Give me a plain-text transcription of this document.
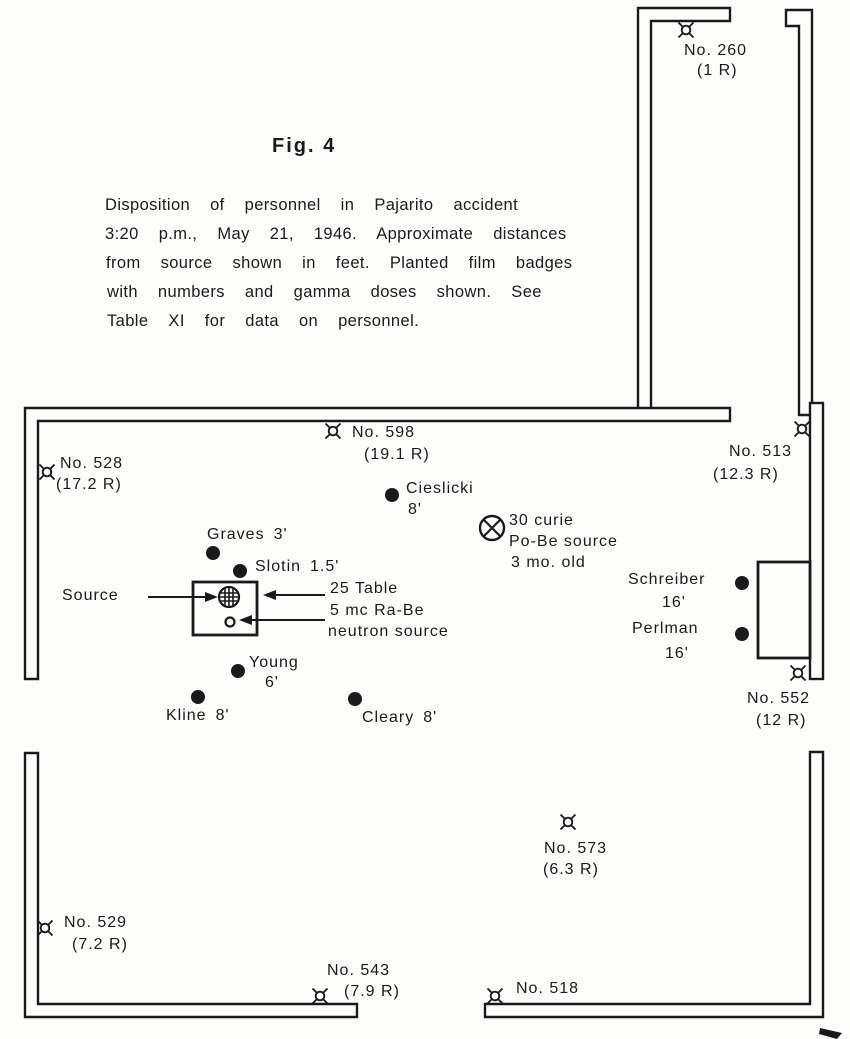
Fig. 4
Disposition of personnel in Pajarito accident
3:20 p.m., May 21, 1946. Approximate distances
from source shown in feet. Planted film badges
with numbers and gamma doses shown. See
Table XI for data on personnel.
No. 260
(1 R)
No. 598
(19.1 R)	No. 513
(12.3 R)
No. 528
(17.2 R)
No. 552
(12 R)
No. 573
(6.3 R)
No. 529
(7.2 R)
No. 543
(7.9 R)	No. 518
Graves 3'
Slotin 1.5'
Cieslicki
8'
Young
6'
Kline 8'	Cleary 8'
Schreiber
16'
Perlman
16'
Source	25 Table
5 mc Ra-Be
neutron source
30 curie
Po-Be source
3 mo. old
